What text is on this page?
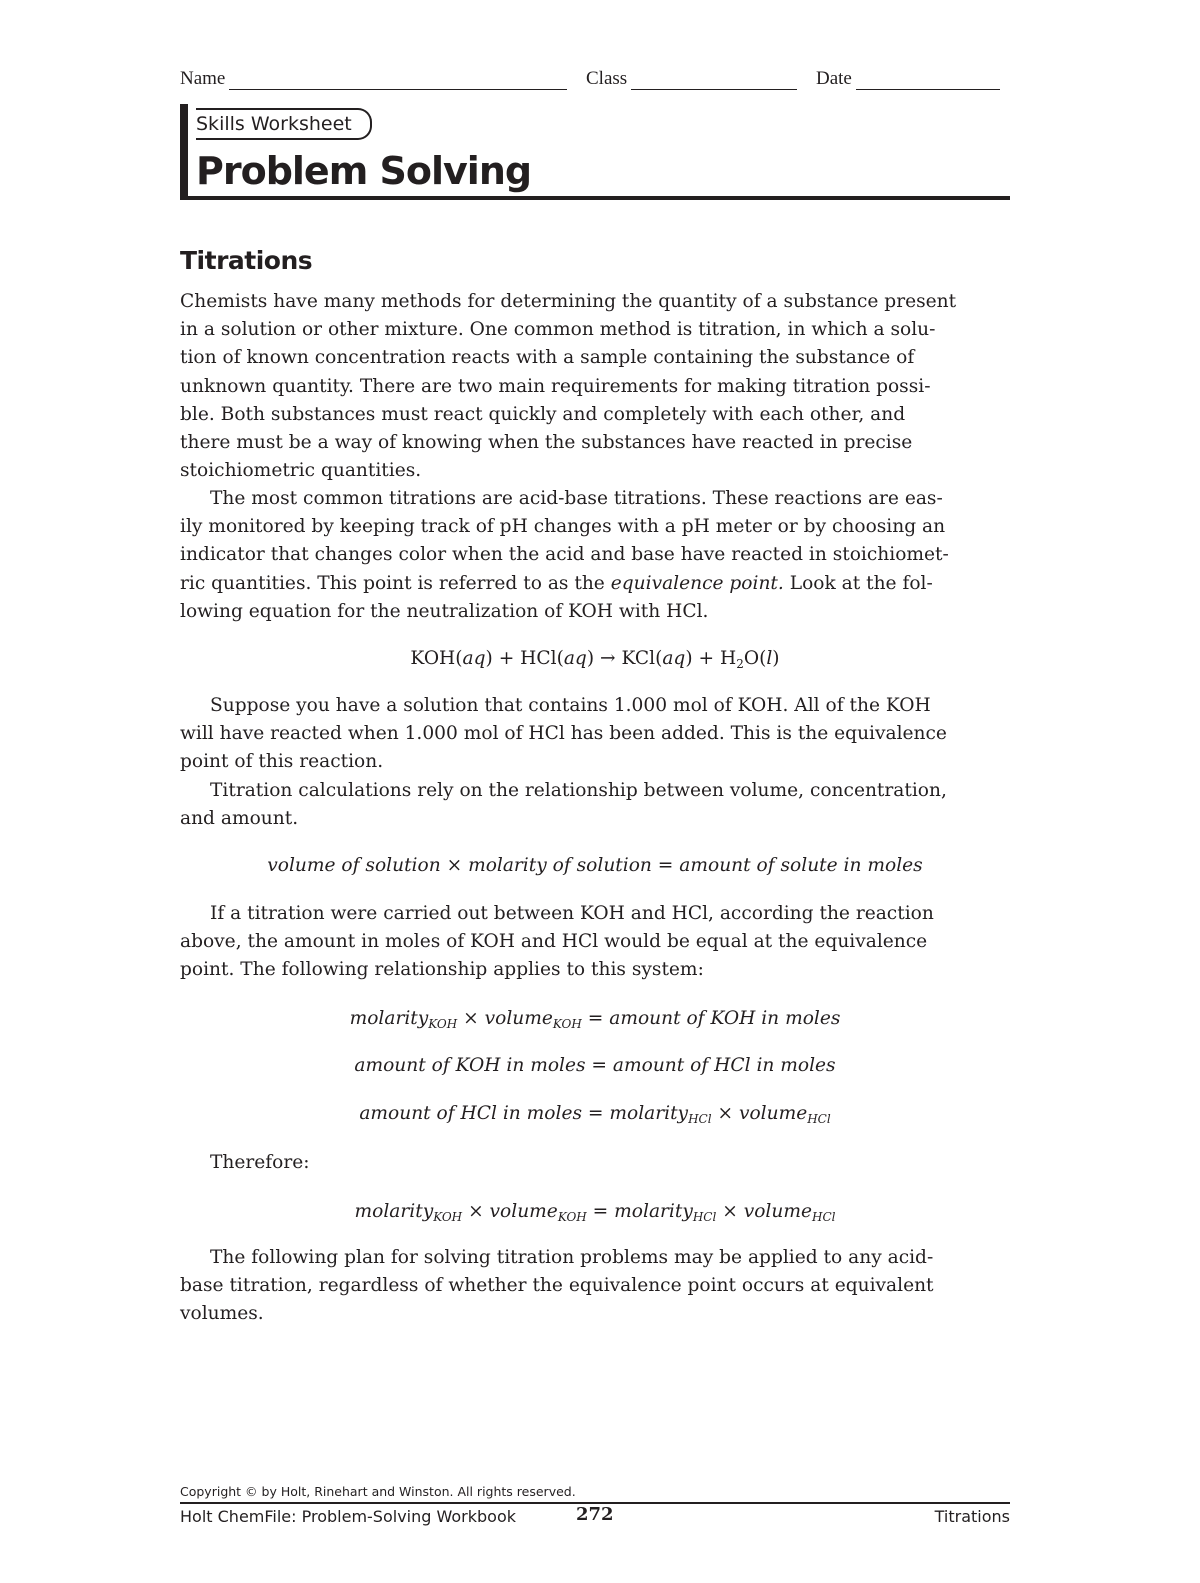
Name	Class	Date
Skills Worksheet
Problem Solving
Titrations
Chemists have many methods for determining the quantity of a substance present
in a solution or other mixture. One common method is titration, in which a solu-
tion of known concentration reacts with a sample containing the substance of
unknown quantity. There are two main requirements for making titration possi-
ble. Both substances must react quickly and completely with each other, and
there must be a way of knowing when the substances have reacted in precise
stoichiometric quantities.
The most common titrations are acid-base titrations. These reactions are eas-
ily monitored by keeping track of pH changes with a pH meter or by choosing an
indicator that changes color when the acid and base have reacted in stoichiomet-
ric quantities. This point is referred to as the equivalence point. Look at the fol-
lowing equation for the neutralization of KOH with HCl.
$KOH(aq) + HCl(aq) \to KCl(aq) + H_2O(l)$
Suppose you have a solution that contains 1.000 mol of KOH. All of the KOH
will have reacted when 1.000 mol of HCl has been added. This is the equivalence
point of this reaction.
Titration calculations rely on the relationship between volume, concentration,
and amount.
volume of solution × molarity of solution = amount of solute in moles
If a titration were carried out between KOH and HCl, according the reaction
above, the amount in moles of KOH and HCl would be equal at the equivalence
point. The following relationship applies to this system:
molarity$_{KOH}$ × volume$_{KOH}$ = amount of KOH in moles
amount of KOH in moles = amount of HCl in moles
amount of HCl in moles = molarity$_{HCl}$ × volume$_{HCl}$
Therefore:
molarity$_{KOH}$ × volume$_{KOH}$ = molarity$_{HCl}$ × volume$_{HCl}$
The following plan for solving titration problems may be applied to any acid-
base titration, regardless of whether the equivalence point occurs at equivalent
volumes.
Copyright © by Holt, Rinehart and Winston. All rights reserved.
Holt ChemFile: Problem-Solving Workbook	272	Titrations
